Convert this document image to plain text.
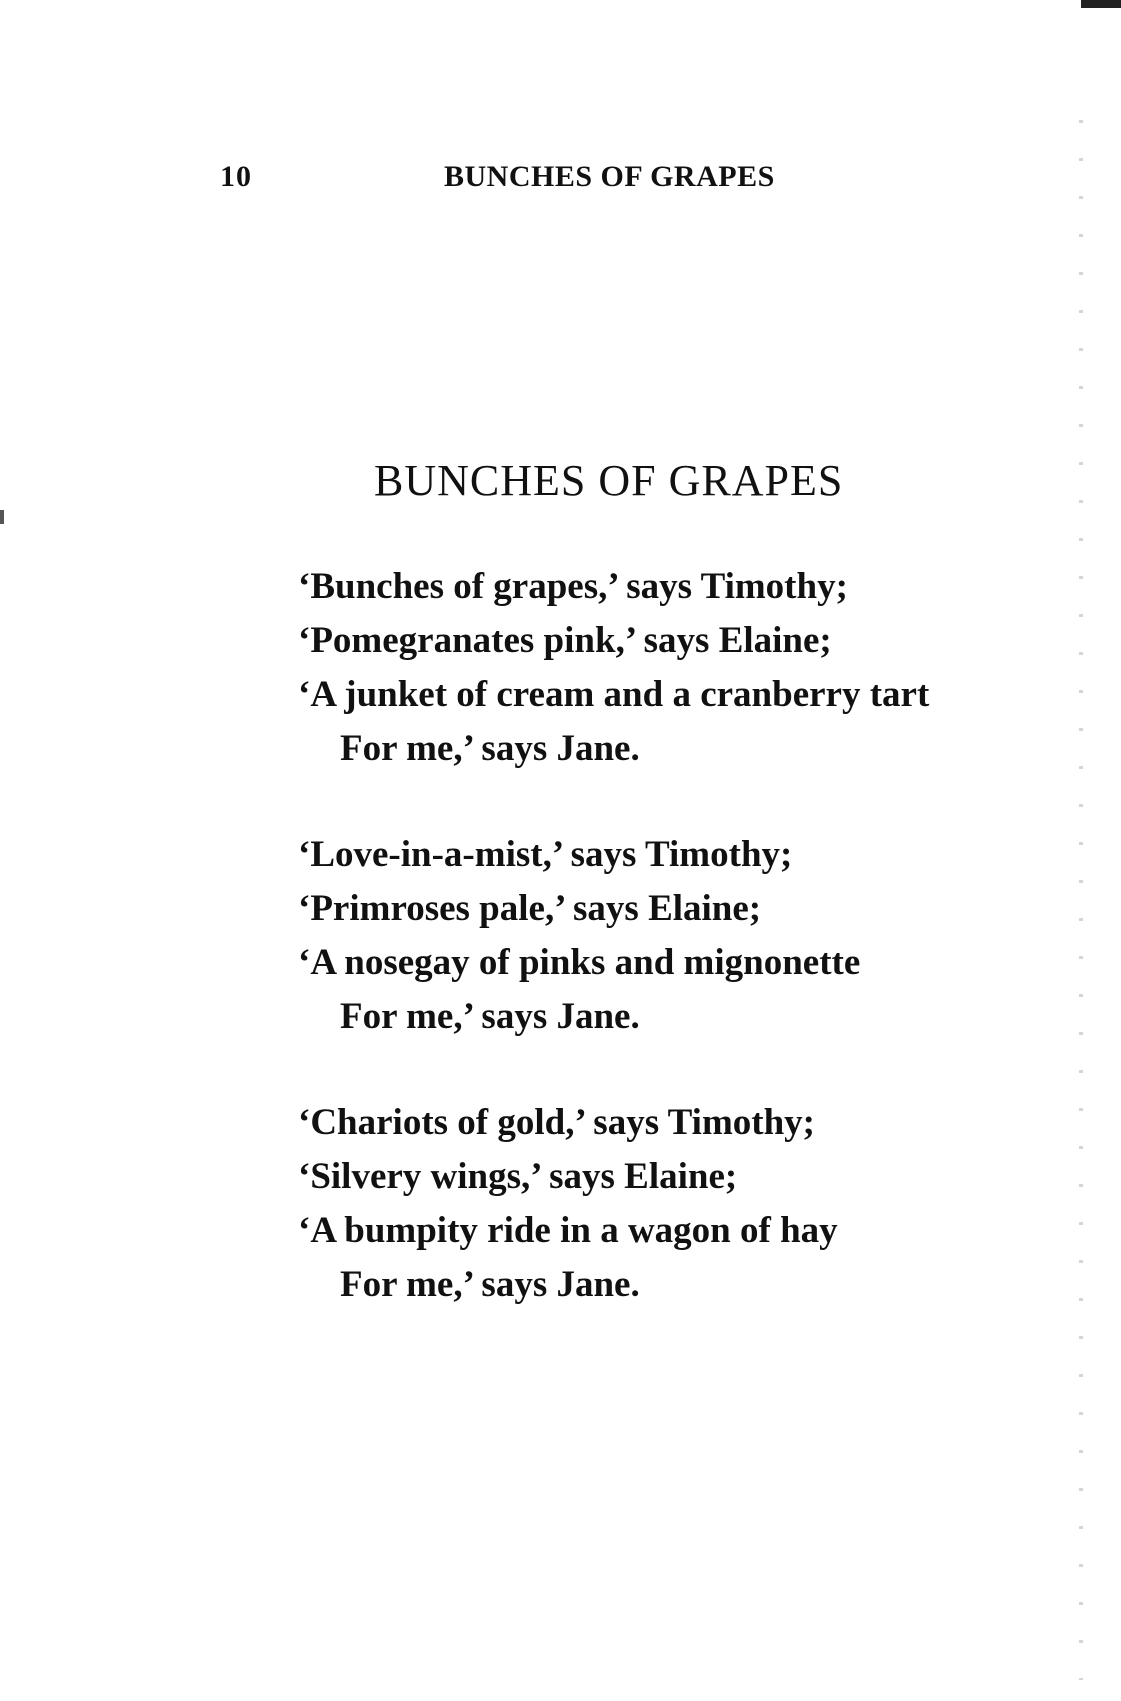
10	BUNCHES OF GRAPES
BUNCHES OF GRAPES

‘Bunches of grapes,’ says Timothy;

‘Pomegranates pink,’ says Elaine;

‘A junket of cream and a cranberry tart

For me,’ says Jane.

‘Love-in-a-mist,’ says Timothy;

‘Primroses pale,’ says Elaine;

‘A nosegay of pinks and mignonette

For me,’ says Jane.

‘Chariots of gold,’ says Timothy;

‘Silvery wings,’ says Elaine;

‘A bumpity ride in a wagon of hay

For me,’ says Jane.
